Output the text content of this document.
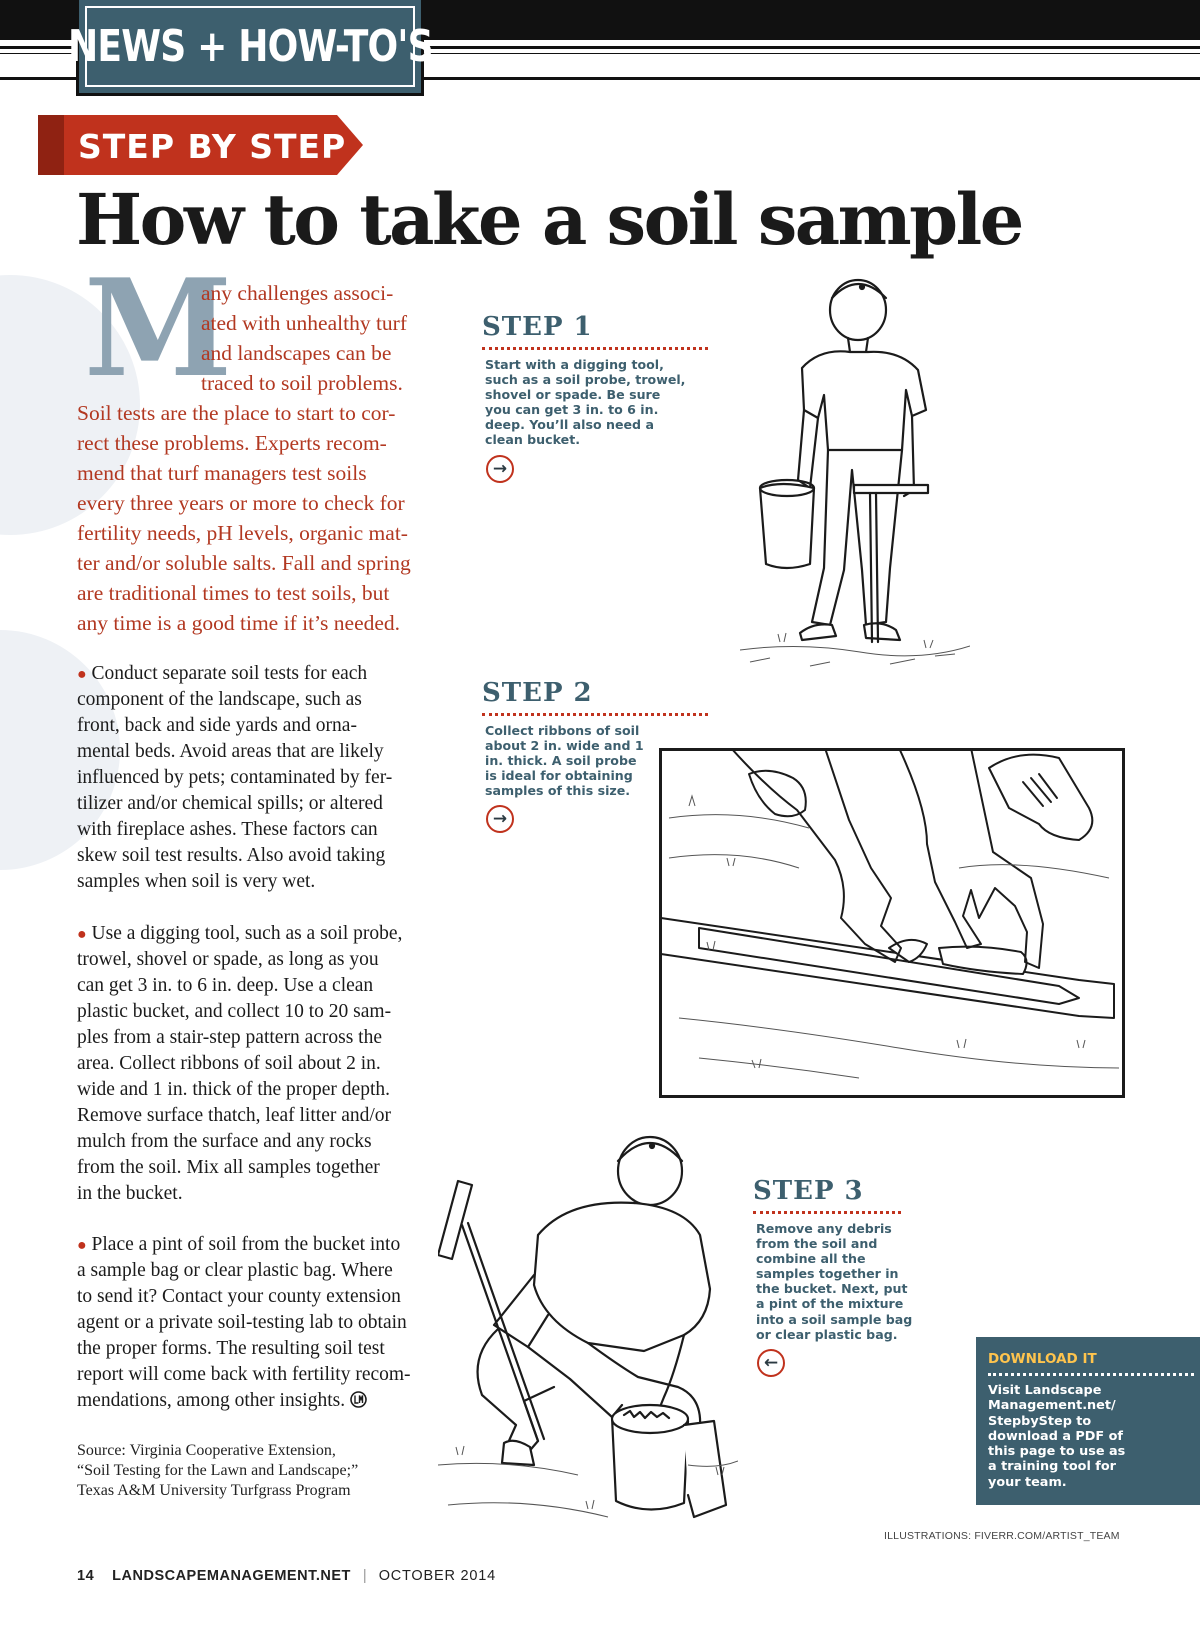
NEWS + HOW-TO'S
STEP BY STEP
How to take a soil sample
M
any challenges associ-
ated with unhealthy turf
and landscapes can be
traced to soil problems.
Soil tests are the place to start to cor-
rect these problems. Experts recom-
mend that turf managers test soils
every three years or more to check for
fertility needs, pH levels, organic mat-
ter and/or soluble salts. Fall and spring
are traditional times to test soils, but
any time is a good time if it’s needed.
● Conduct separate soil tests for each
component of the landscape, such as
front, back and side yards and orna-
mental beds. Avoid areas that are likely
influenced by pets; contaminated by fer-
tilizer and/or chemical spills; or altered
with fireplace ashes. These factors can
skew soil test results. Also avoid taking
samples when soil is very wet.
● Use a digging tool, such as a soil probe,
trowel, shovel or spade, as long as you
can get 3 in. to 6 in. deep. Use a clean
plastic bucket, and collect 10 to 20 sam-
ples from a stair-step pattern across the
area. Collect ribbons of soil about 2 in.
wide and 1 in. thick of the proper depth.
Remove surface thatch, leaf litter and/or
mulch from the surface and any rocks
from the soil. Mix all samples together
in the bucket.
● Place a pint of soil from the bucket into
a sample bag or clear plastic bag. Where
to send it? Contact your county extension
agent or a private soil-testing lab to obtain
the proper forms. The resulting soil test
report will come back with fertility recom-
mendations, among other insights.
Source: Virginia Cooperative Extension,
“Soil Testing for the Lawn and Landscape;”
Texas A&M University Turfgrass Program
STEP 1
Start with a digging tool,
such as a soil probe, trowel,
shovel or spade. Be sure
you can get 3 in. to 6 in.
deep. You’ll also need a
clean bucket.
→
STEP 2
Collect ribbons of soil
about 2 in. wide and 1
in. thick. A soil probe
is ideal for obtaining
samples of this size.
→
STEP 3
Remove any debris
from the soil and
combine all the
samples together in
the bucket. Next, put
a pint of the mixture
into a soil sample bag
or clear plastic bag.
←	DOWNLOAD IT
Visit Landscape
Management.net/
StepbyStep to
download a PDF of
this page to use as
a training tool for
your team.
ILLUSTRATIONS: FIVERR.COM/ARTIST_TEAM
14 LANDSCAPEMANAGEMENT.NET | OCTOBER 2014
